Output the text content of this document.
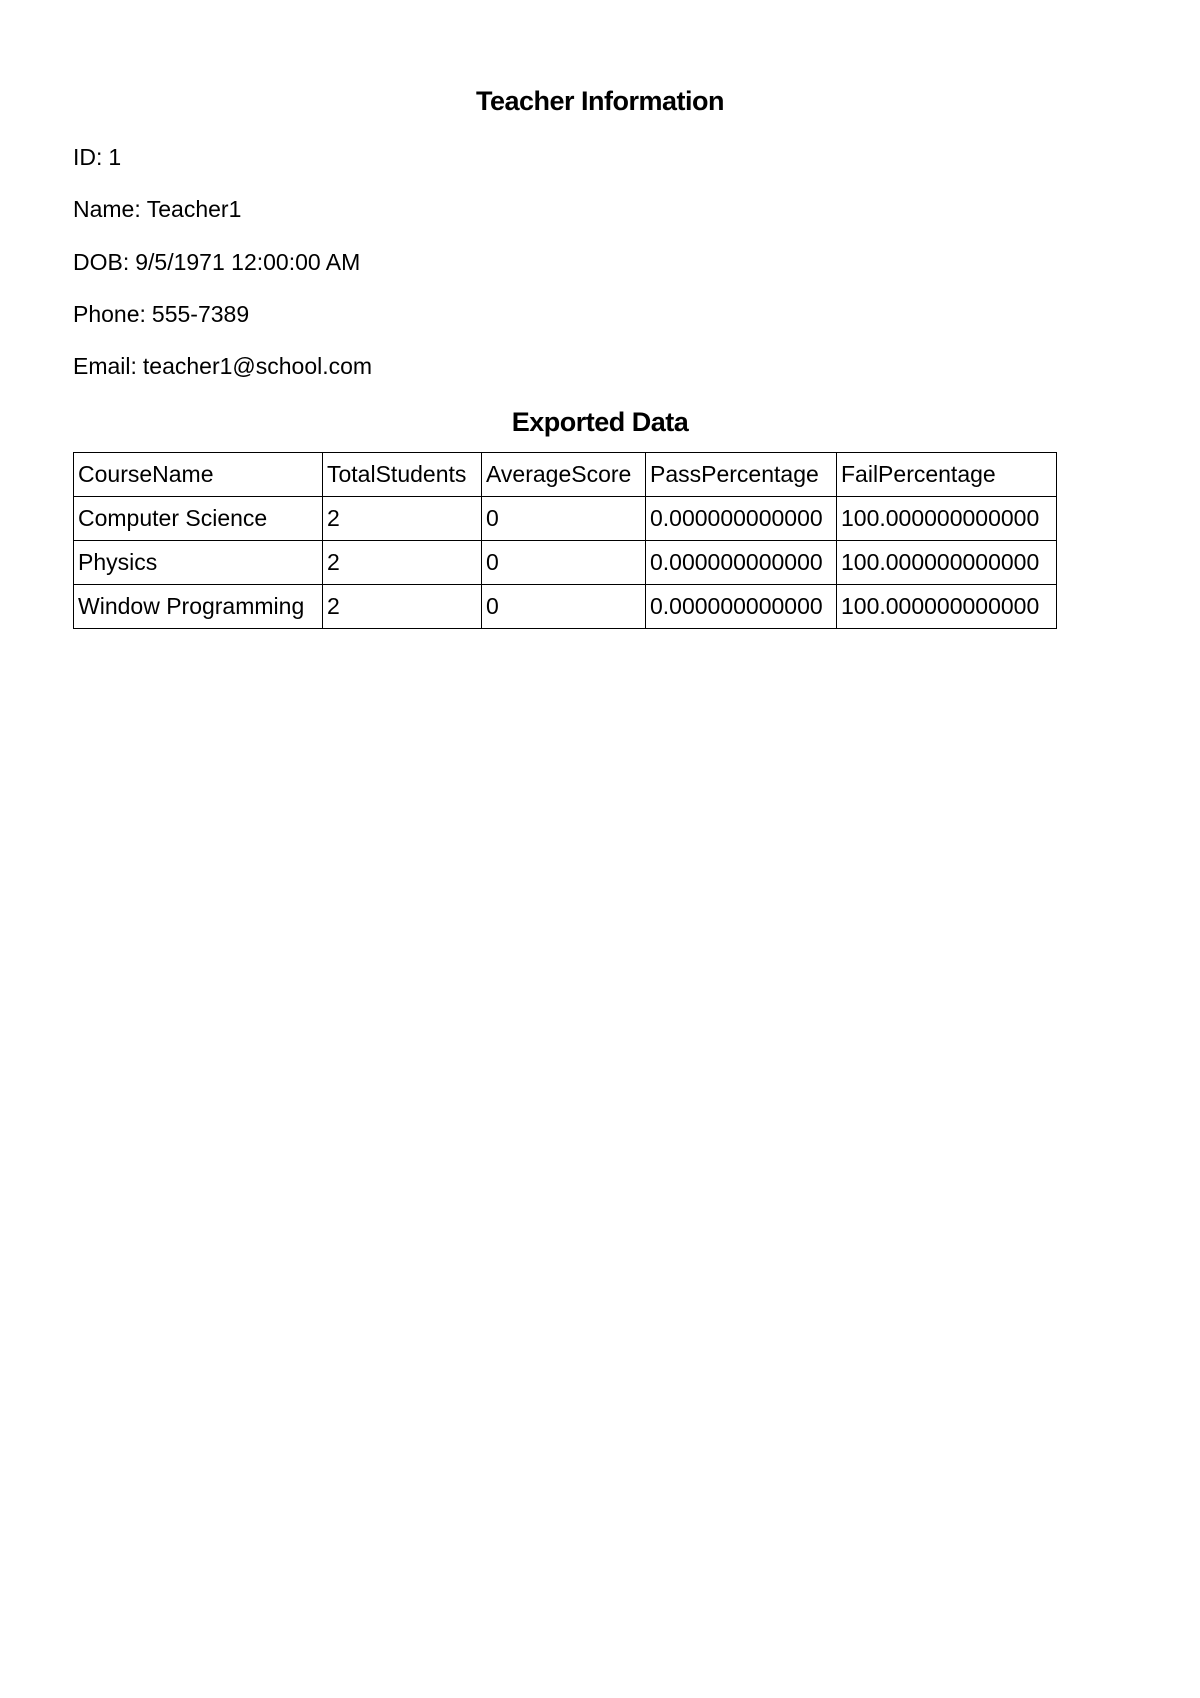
Teacher Information
ID: 1
Name: Teacher1
DOB: 9/5/1971 12:00:00 AM
Phone: 555-7389
Email: teacher1@school.com
Exported Data
CourseName	TotalStudents	AverageScore	PassPercentage	FailPercentage
Computer Science	2	0	0.000000000000	100.000000000000
Physics	2	0	0.000000000000	100.000000000000
Window Programming	2	0	0.000000000000	100.000000000000
